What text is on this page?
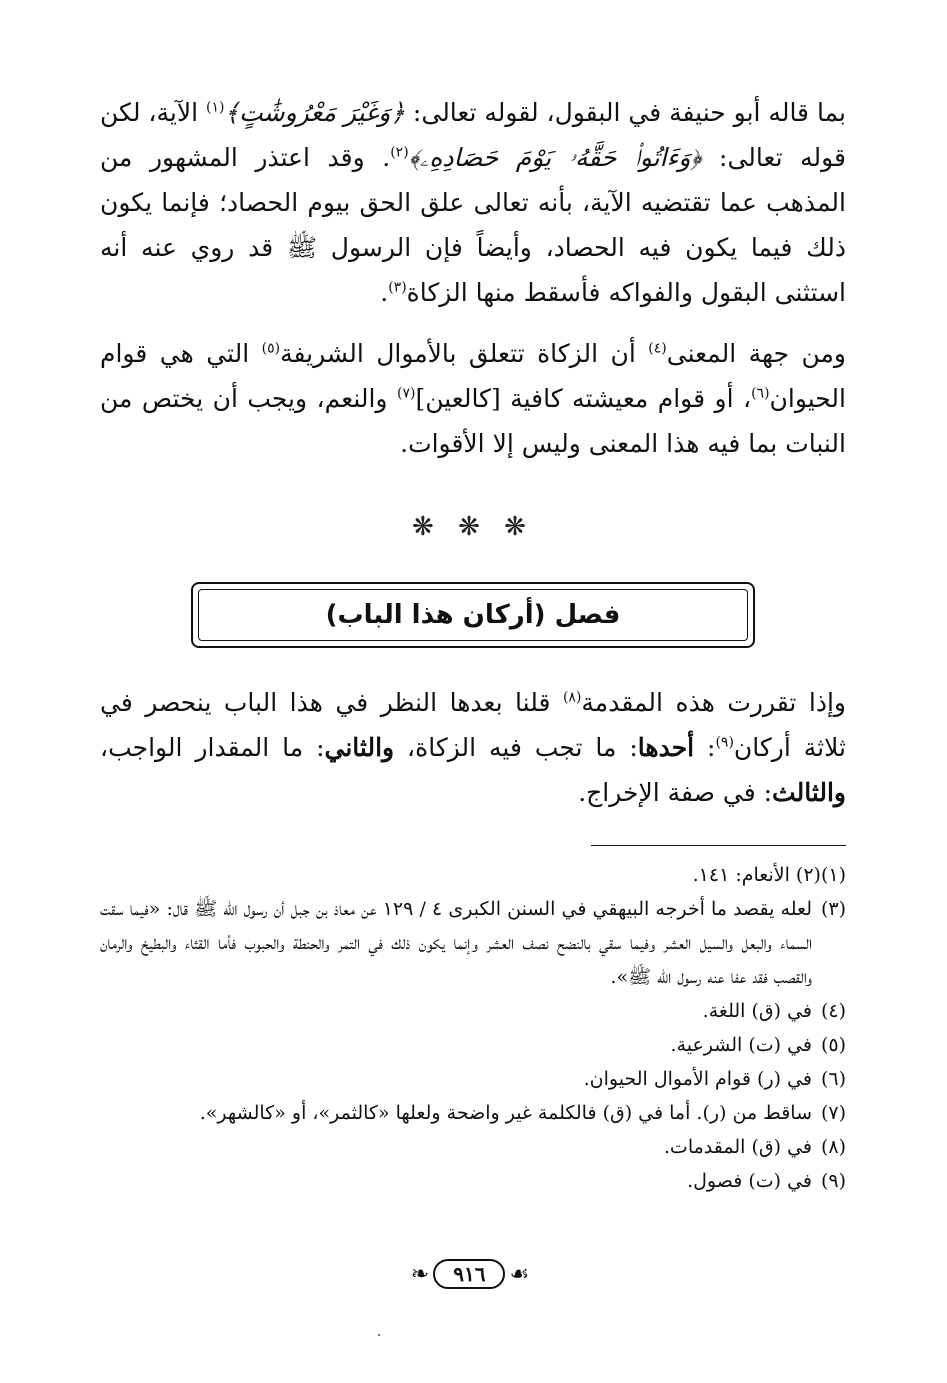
بما قاله أبو حنيفة في البقول، لقوله تعالى: ﴿وَغَيْرَ مَعْرُوشَٰتٍ﴾$^{(١)}$ الآية، لكن قوله تعالى: ﴿وَءَاتُوا۟ حَقَّهُۥ يَوْمَ حَصَادِهِۦ﴾$^{(٢)}$. وقد اعتذر المشهور من المذهب عما تقتضيه الآية، بأنه تعالى علق الحق بيوم الحصاد؛ فإنما يكون ذلك فيما يكون فيه الحصاد، وأيضاً فإن الرسول ﷺ قد روي عنه أنه استثنى البقول والفواكه فأسقط منها الزكاة$^{(٣)}$.

ومن جهة المعنى$^{(٤)}$ أن الزكاة تتعلق بالأموال الشريفة$^{(٥)}$ التي هي قوام الحيوان$^{(٦)}$، أو قوام معيشته كافية [كالعين]$^{(٧)}$ والنعم، ويجب أن يختص من النبات بما فيه هذا المعنى وليس إلا الأقوات.

❋ ❋ ❋
فصل (أركان هذا الباب)

وإذا تقررت هذه المقدمة$^{(٨)}$ قلنا بعدها النظر في هذا الباب ينحصر في ثلاثة أركان$^{(٩)}$: أحدها: ما تجب فيه الزكاة، والثاني: ما المقدار الواجب، والثالث: في صفة الإخراج.

(١)(٢) الأنعام: ١٤١.

(٣)
لعله يقصد ما أخرجه البيهقي في السنن الكبرى ٤ / ١٢٩ عن معاذ بن جبل أن رسول الله ﷺ قال: «فيما سقت السماء والبعل والسيل العشر وفيما سقي بالنضح نصف العشر وإنما يكون ذلك في التمر والحنطة والحبوب فأما القثاء والبطيخ والرمان والقصب فقد عفا عنه رسول الله ﷺ».
(٤)
في (ق) اللغة.
(٥)
في (ت) الشرعية.
(٦)
في (ر) قوام الأموال الحيوان.
(٧)
ساقط من (ر). أما في (ق) فالكلمة غير واضحة ولعلها «كالثمر»، أو «كالشهر».
(٨)
في (ق) المقدمات.
(٩)
في (ت) فصول.
❧	٩١٦	☙
